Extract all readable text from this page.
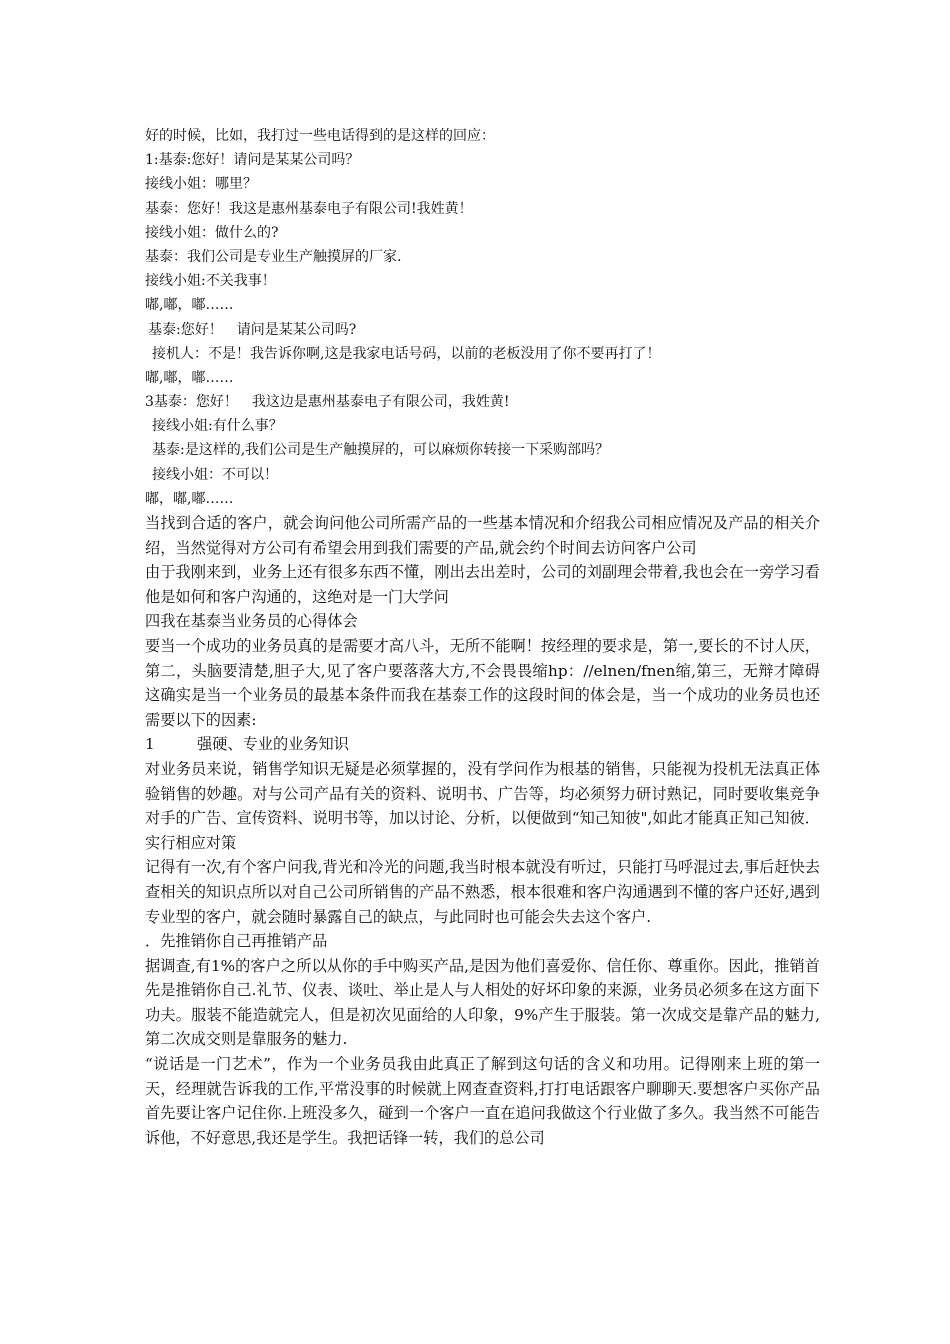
好的时候，比如，我打过一些电话得到的是这样的回应：
1:基泰:您好！请问是某某公司吗？
接线小姐：哪里？
基泰：您好！我这是惠州基泰电子有限公司!我姓黄！
接线小姐：做什么的?
基泰：我们公司是专业生产触摸屏的厂家.
接线小姐:不关我事！
嘟,嘟，嘟……
基泰:您好！　请问是某某公司吗?
接机人：不是！我告诉你啊,这是我家电话号码，以前的老板没用了你不要再打了！
嘟,嘟，嘟……
3基泰：您好！　我这边是惠州基泰电子有限公司，我姓黄!
接线小姐:有什么事？
基泰:是这样的,我们公司是生产触摸屏的，可以麻烦你转接一下采购部吗？
接线小姐：不可以！
嘟，嘟,嘟……

当找到合适的客户，就会询问他公司所需产品的一些基本情况和介绍我公司相应情况及产品的相关介绍，当然觉得对方公司有希望会用到我们需要的产品,就会约个时间去访问客户公司

由于我刚来到，业务上还有很多东西不懂，刚出去出差时，公司的刘副理会带着,我也会在一旁学习看他是如何和客户沟通的，这绝对是一门大学问

四我在基泰当业务员的心得体会

要当一个成功的业务员真的是需要才高八斗，无所不能啊！按经理的要求是，第一,要长的不讨人厌，第二，头脑要清楚,胆子大,见了客户要落落大方,不会畏畏缩hp：//elnen/fnen缩,第三，无辩才障碍这确实是当一个业务员的最基本条件而我在基泰工作的这段时间的体会是，当一个成功的业务员也还需要以下的因素:

1	强硬、专业的业务知识

对业务员来说，销售学知识无疑是必须掌握的，没有学问作为根基的销售，只能视为投机无法真正体验销售的妙趣。对与公司产品有关的资料、说明书、广告等，均必须努力研讨熟记，同时要收集竞争对手的广告、宣传资料、说明书等，加以讨论、分析，以便做到“知己知彼",如此才能真正知己知彼．实行相应对策

记得有一次,有个客户问我,背光和冷光的问题,我当时根本就没有听过，只能打马呼混过去,事后赶快去查相关的知识点所以对自己公司所销售的产品不熟悉，根本很难和客户沟通遇到不懂的客户还好,遇到专业型的客户，就会随时暴露自己的缺点，与此同时也可能会失去这个客户.

．先推销你自己再推销产品

据调查,有1%的客户之所以从你的手中购买产品,是因为他们喜爱你、信任你、尊重你。因此，推销首先是推销你自己.礼节、仪表、谈吐、举止是人与人相处的好坏印象的来源，业务员必须多在这方面下功夫。服装不能造就完人，但是初次见面给的人印象，9%产生于服装。第一次成交是靠产品的魅力,第二次成交则是靠服务的魅力.

“说话是一门艺术”，作为一个业务员我由此真正了解到这句话的含义和功用。记得刚来上班的第一天，经理就告诉我的工作,平常没事的时候就上网查查资料,打打电话跟客户聊聊天.要想客户买你产品首先要让客户记住你.上班没多久，碰到一个客户一直在追问我做这个行业做了多久。我当然不可能告诉他，不好意思,我还是学生。我把话锋一转，我们的总公司
